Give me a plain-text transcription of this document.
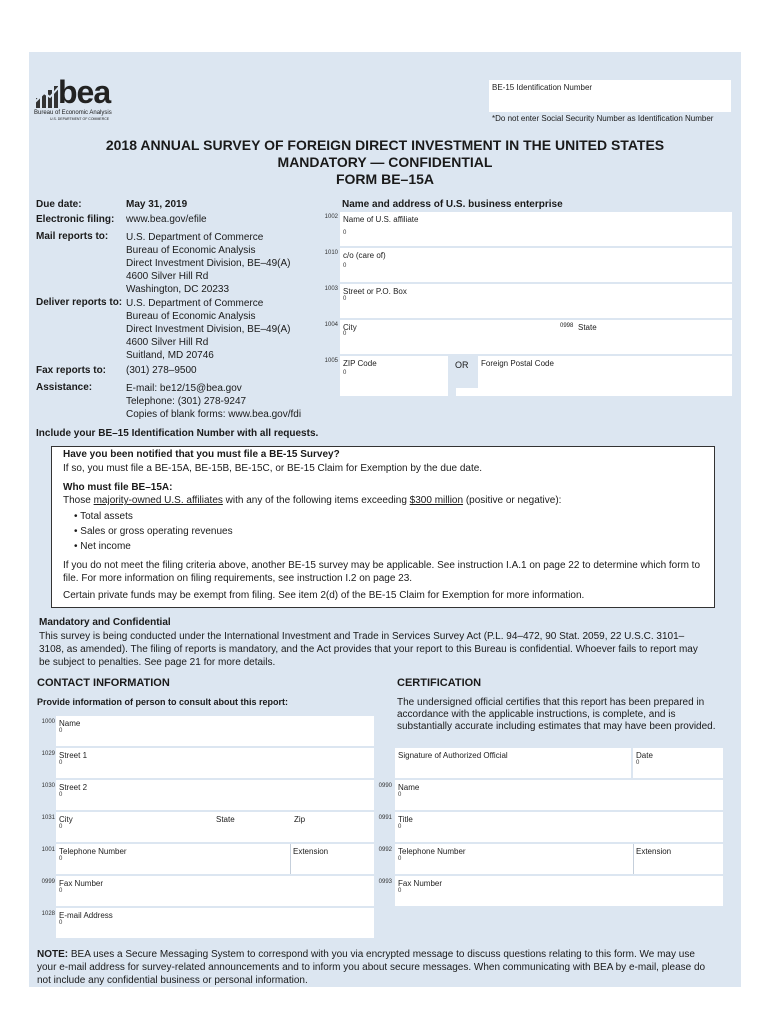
bea
Bureau of Economic Analysis
U.S. DEPARTMENT OF COMMERCE
BE-15 Identification Number
*Do not enter Social Security Number as Identification Number
2018 ANNUAL SURVEY OF FOREIGN DIRECT INVESTMENT IN THE UNITED STATES
MANDATORY — CONFIDENTIAL
FORM BE–15A
Due date:	May 31, 2019
Electronic filing: www.bea.gov/efile
Mail reports to: U.S. Department of Commerce
Bureau of Economic Analysis
Direct Investment Division, BE–49(A)
4600 Silver Hill Rd
Washington, DC 20233
Deliver reports to: U.S. Department of Commerce
Bureau of Economic Analysis
Direct Investment Division, BE–49(A)
4600 Silver Hill Rd
Suitland, MD 20746
Fax reports to: (301) 278–9500
Assistance:	E-mail: be12/15@bea.gov
Telephone: (301) 278-9247
Copies of blank forms: www.bea.gov/fdi
Include your BE–15 Identification Number with all requests.
Name and address of U.S. business enterprise
1002 Name of U.S. affiliate
0
1010 c/o (care of)
0
1003 Street or P.O. Box
0
1004 City
0
0998 State
1005 ZIP Code
0
OR Foreign Postal Code
Have you been notified that you must file a BE-15 Survey?
If so, you must file a BE-15A, BE-15B, BE-15C, or BE-15 Claim for Exemption by the due date.
Who must file BE–15A:
Those majority-owned U.S. affiliates with any of the following items exceeding $300 million (positive or negative):
• Total assets
• Sales or gross operating revenues
• Net income
If you do not meet the filing criteria above, another BE-15 survey may be applicable. See instruction I.A.1 on page 22 to determine which form to file. For more information on filing requirements, see instruction I.2 on page 23.
Certain private funds may be exempt from filing. See item 2(d) of the BE-15 Claim for Exemption for more information.
Mandatory and Confidential
This survey is being conducted under the International Investment and Trade in Services Survey Act (P.L. 94–472, 90 Stat. 2059, 22 U.S.C. 3101–3108, as amended). The filing of reports is mandatory, and the Act provides that your report to this Bureau is confidential. Whoever fails to report may be subject to penalties. See page 21 for more details.
CONTACT INFORMATION
Provide information of person to consult about this report:
1000 Name
0
1029 Street 1
0
1030 Street 2
0
1031 City
0
State	Zip
1001 Telephone Number
0
Extension
0999 Fax Number
0
1028 E-mail Address
0
CERTIFICATION
The undersigned official certifies that this report has been prepared in accordance with the applicable instructions, is complete, and is substantially accurate including estimates that may have been provided.
Signature of Authorized Official	Date
0
0990 Name
0
0991 Title
0
0992 Telephone Number
0
Extension
0993 Fax Number
0
NOTE: BEA uses a Secure Messaging System to correspond with you via encrypted message to discuss questions relating to this form. We may use your e-mail address for survey-related announcements and to inform you about secure messages. When communicating with BEA by e-mail, please do not include any confidential business or personal information.
